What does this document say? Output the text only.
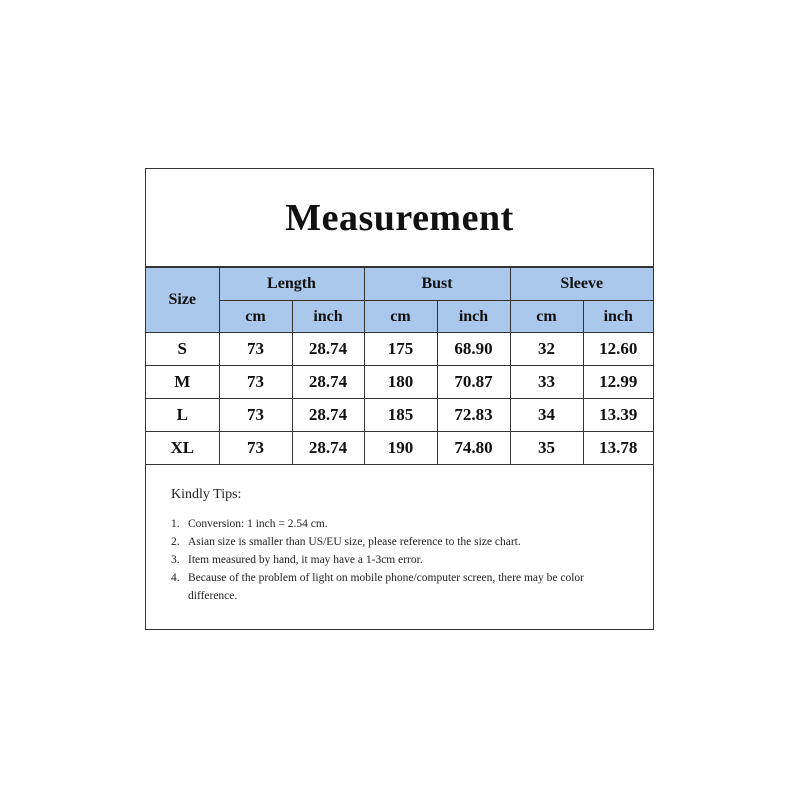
Measurement
Size	Length		Bust		Sleeve	
	cm	inch	cm	inch	cm	inch
S	73	28.74	175	68.90	32	12.60
M	73	28.74	180	70.87	33	12.99
L	73	28.74	185	72.83	34	13.39
XL	73	28.74	190	74.80	35	13.78
Kindly Tips:
1. Conversion: 1 inch = 2.54 cm.
2. Asian size is smaller than US/EU size, please reference to the size chart.
3. Item measured by hand, it may have a 1-3cm error.
4. Because of the problem of light on mobile phone/computer screen, there may be color difference.
